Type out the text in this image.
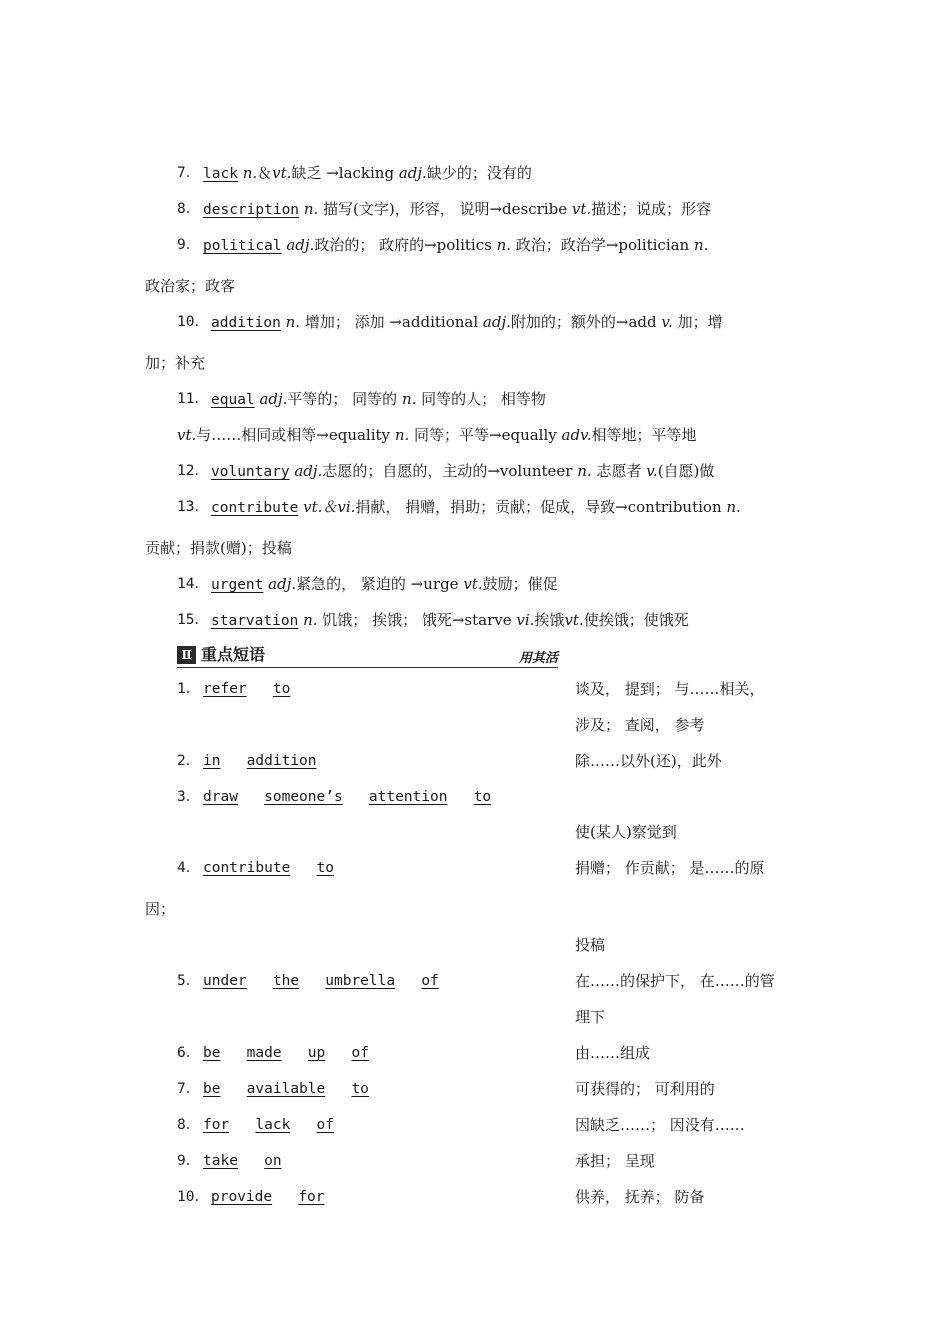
7． lack n.＆vt.缺乏 →lacking adj.缺少的；没有的
8． description n. 描写(文字)，形容， 说明→describe vt.描述；说成；形容
9． political adj.政治的； 政府的→politics n. 政治；政治学→politician n.
政治家；政客
10． addition n. 增加； 添加 →additional adj.附加的；额外的→add v. 加；增
加；补充
11． equal adj.平等的； 同等的 n. 同等的人； 相等物
vt.与……相同或相等→equality n. 同等；平等→equally adv.相等地；平等地
12． voluntary adj.志愿的；自愿的，主动的→volunteer n. 志愿者 v.(自愿)做
13． contribute vt.＆vi.捐献， 捐赠，捐助；贡献；促成，导致→contribution n.
贡献；捐款(赠)；投稿
14． urgent adj.紧急的， 紧迫的 →urge vt.鼓励；催促
15． starvation n. 饥饿； 挨饿； 饿死→starve vi.挨饿vt.使挨饿；使饿死
Ⅱ 重点短语	用其活
1． refer to	谈及， 提到； 与……相关，
涉及； 查阅， 参考
2． in addition	除……以外(还)，此外
3． draw someone’s attention to
使(某人)察觉到
4． contribute to	捐赠； 作贡献； 是……的原
因；
投稿
5． under the umbrella of	在……的保护下， 在……的管
理下
6． be made up of	由……组成
7． be available to	可获得的； 可利用的
8． for lack of	因缺乏……； 因没有……
9． take on	承担； 呈现
10． provide for	供养， 抚养； 防备
